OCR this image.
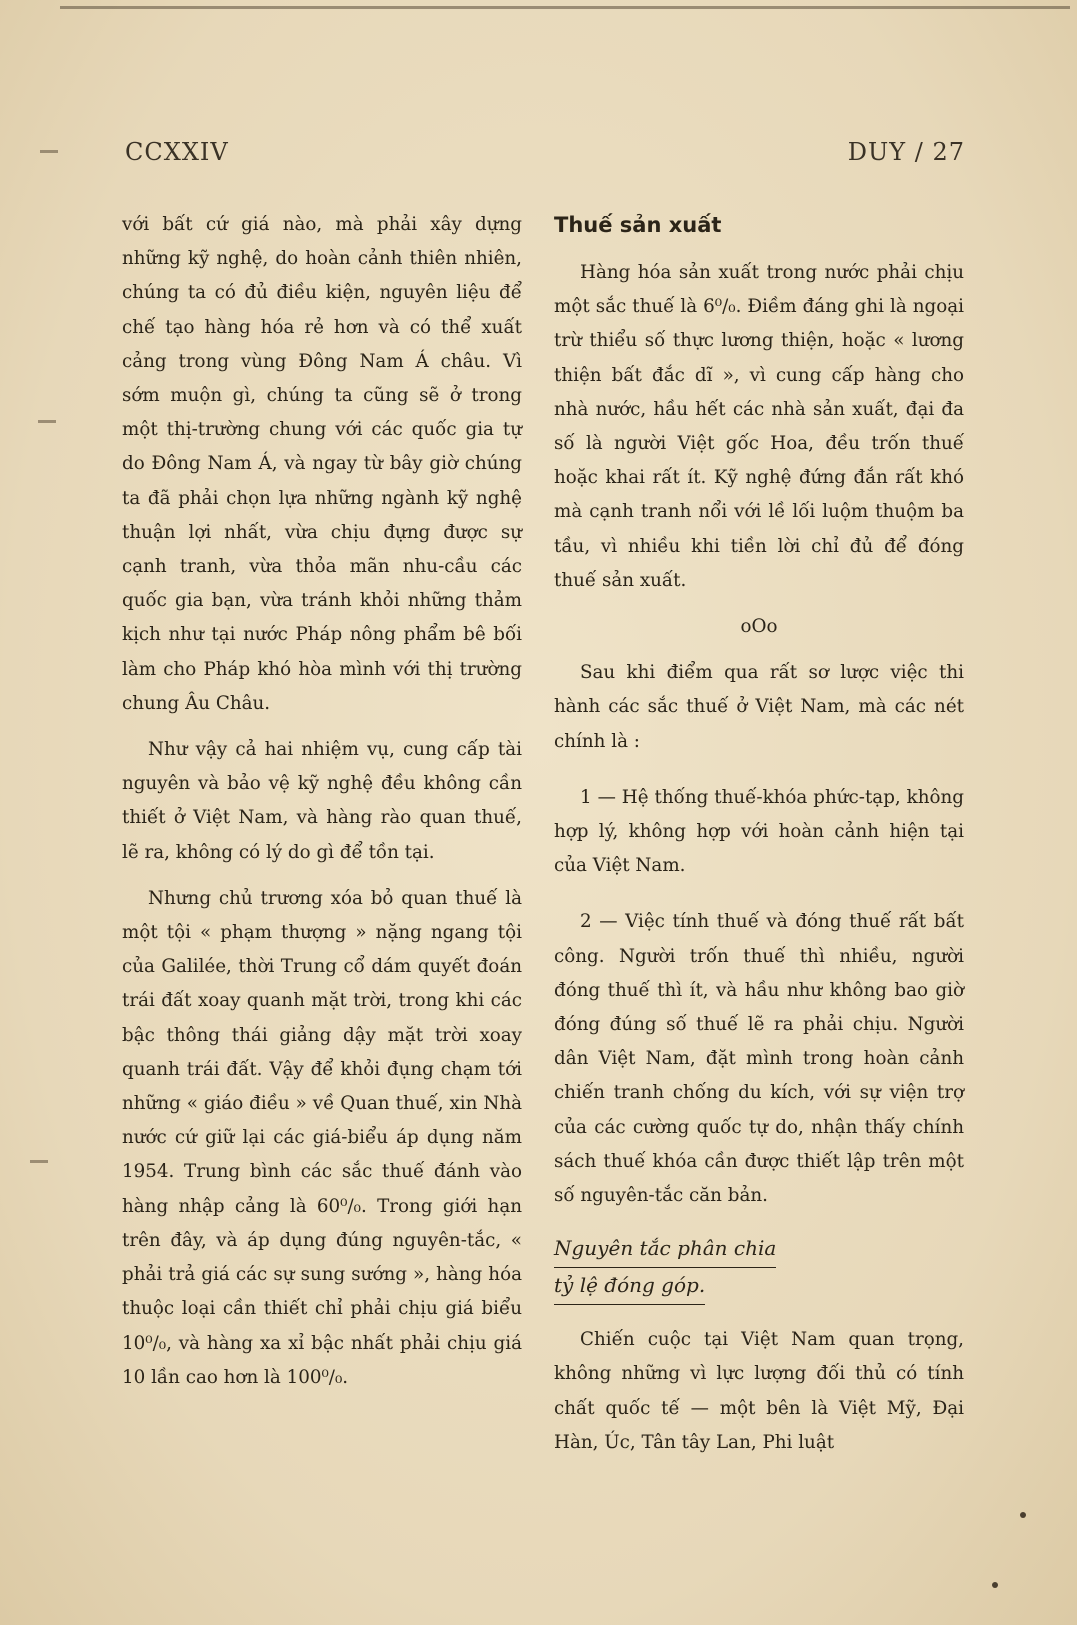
CCXXIV	DUY / 27

với bất cứ giá nào, mà phải xây dựng những kỹ nghệ, do hoàn cảnh thiên nhiên, chúng ta có đủ điều kiện, nguyên liệu để chế tạo hàng hóa rẻ hơn và có thể xuất cảng trong vùng Đông Nam Á châu. Vì sớm muộn gì, chúng ta cũng sẽ ở trong một thị-trường chung với các quốc gia tự do Đông Nam Á, và ngay từ bây giờ chúng ta đã phải chọn lựa những ngành kỹ nghệ thuận lợi nhất, vừa chịu đựng được sự cạnh tranh, vừa thỏa mãn nhu-cầu các quốc gia bạn, vừa tránh khỏi những thảm kịch như tại nước Pháp nông phẩm bê bối làm cho Pháp khó hòa mình với thị trường chung Âu Châu.

Như vậy cả hai nhiệm vụ, cung cấp tài nguyên và bảo vệ kỹ nghệ đều không cần thiết ở Việt Nam, và hàng rào quan thuế, lẽ ra, không có lý do gì để tồn tại.

Nhưng chủ trương xóa bỏ quan thuế là một tội « phạm thượng » nặng ngang tội của Galilée, thời Trung cổ dám quyết đoán trái đất xoay quanh mặt trời, trong khi các bậc thông thái giảng dậy mặt trời xoay quanh trái đất. Vậy để khỏi đụng chạm tới những « giáo điều » về Quan thuế, xin Nhà nước cứ giữ lại các giá-biểu áp dụng năm 1954. Trung bình các sắc thuế đánh vào hàng nhập cảng là 60⁰/₀. Trong giới hạn trên đây, và áp dụng đúng nguyên-tắc, « phải trả giá các sự sung sướng », hàng hóa thuộc loại cần thiết chỉ phải chịu giá biểu 10⁰/₀, và hàng xa xỉ bậc nhất phải chịu giá 10 lần cao hơn là 100⁰/₀.

Thuế sản xuất

Hàng hóa sản xuất trong nước phải chịu một sắc thuế là 6⁰/₀. Điềm đáng ghi là ngoại trừ thiểu số thực lương thiện, hoặc « lương thiện bất đắc dĩ », vì cung cấp hàng cho nhà nước, hầu hết các nhà sản xuất, đại đa số là người Việt gốc Hoa, đều trốn thuế hoặc khai rất ít. Kỹ nghệ đứng đắn rất khó mà cạnh tranh nổi với lề lối luộm thuộm ba tầu, vì nhiều khi tiền lời chỉ đủ để đóng thuế sản xuất.

oOo

Sau khi điểm qua rất sơ lược việc thi hành các sắc thuế ở Việt Nam, mà các nét chính là :

1 — Hệ thống thuế-khóa phức-tạp, không hợp lý, không hợp với hoàn cảnh hiện tại của Việt Nam.

2 — Việc tính thuế và đóng thuế rất bất công. Người trốn thuế thì nhiều, người đóng thuế thì ít, và hầu như không bao giờ đóng đúng số thuế lẽ ra phải chịu. Người dân Việt Nam, đặt mình trong hoàn cảnh chiến tranh chống du kích, với sự viện trợ của các cường quốc tự do, nhận thấy chính sách thuế khóa cần được thiết lập trên một số nguyên-tắc căn bản.

Nguyên tắc phân chia
tỷ lệ đóng góp.

Chiến cuộc tại Việt Nam quan trọng, không những vì lực lượng đối thủ có tính chất quốc tế — một bên là Việt Mỹ, Đại Hàn, Úc, Tân tây Lan, Phi luật
